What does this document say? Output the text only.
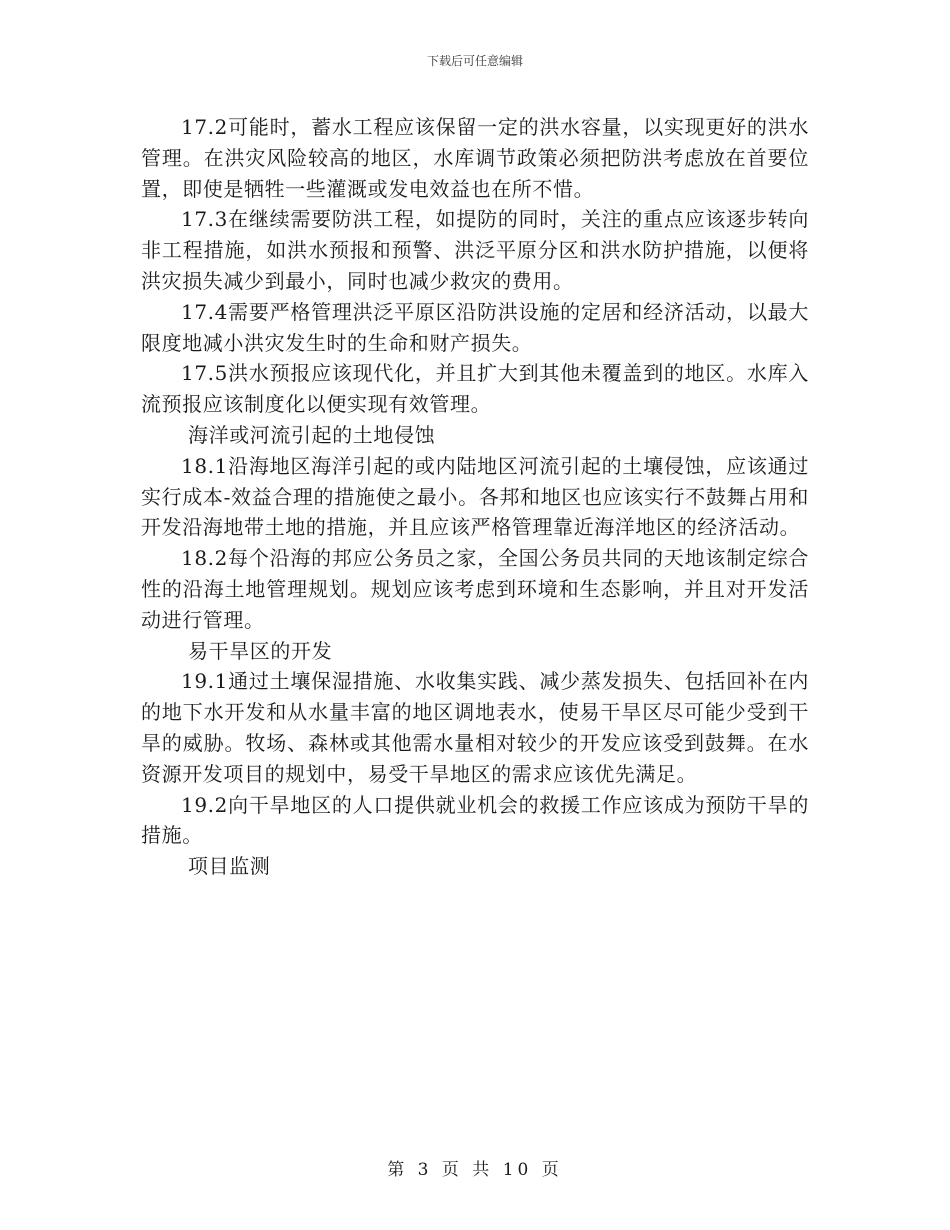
下载后可任意编辑

17.2可能时，蓄水工程应该保留一定的洪水容量，以实现更好的洪水管理。在洪灾风险较高的地区，水库调节政策必须把防洪考虑放在首要位置，即使是牺牲一些灌溉或发电效益也在所不惜。

17.3在继续需要防洪工程，如提防的同时，关注的重点应该逐步转向非工程措施，如洪水预报和预警、洪泛平原分区和洪水防护措施，以便将洪灾损失减少到最小，同时也减少救灾的费用。

17.4需要严格管理洪泛平原区沿防洪设施的定居和经济活动，以最大限度地减小洪灾发生时的生命和财产损失。

17.5洪水预报应该现代化，并且扩大到其他未覆盖到的地区。水库入流预报应该制度化以便实现有效管理。

海洋或河流引起的土地侵蚀

18.1沿海地区海洋引起的或内陆地区河流引起的土壤侵蚀，应该通过实行成本-效益合理的措施使之最小。各邦和地区也应该实行不鼓舞占用和开发沿海地带土地的措施，并且应该严格管理靠近海洋地区的经济活动。

18.2每个沿海的邦应公务员之家，全国公务员共同的天地该制定综合性的沿海土地管理规划。规划应该考虑到环境和生态影响，并且对开发活动进行管理。

易干旱区的开发

19.1通过土壤保湿措施、水收集实践、减少蒸发损失、包括回补在内的地下水开发和从水量丰富的地区调地表水，使易干旱区尽可能少受到干旱的威胁。牧场、森林或其他需水量相对较少的开发应该受到鼓舞。在水资源开发项目的规划中，易受干旱地区的需求应该优先满足。

19.2向干旱地区的人口提供就业机会的救援工作应该成为预防干旱的措施。

项目监测

第 3 页 共 10 页
